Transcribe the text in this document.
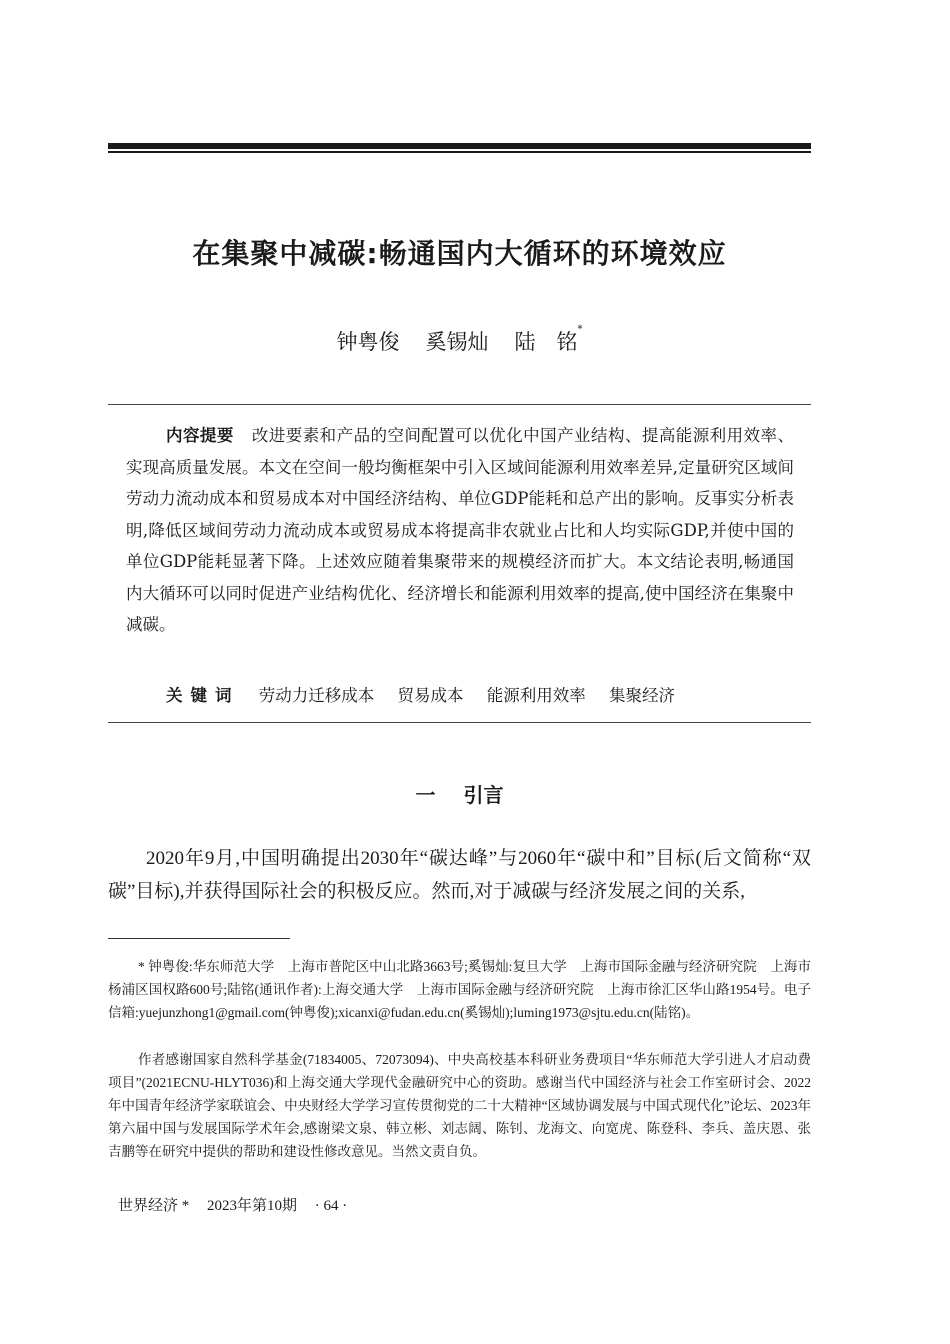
在集聚中减碳:畅通国内大循环的环境效应
钟粤俊 奚锡灿 陆　铭*
内容提要 改进要素和产品的空间配置可以优化中国产业结构、提高能源利用效率、实现高质量发展。本文在空间一般均衡框架中引入区域间能源利用效率差异,定量研究区域间劳动力流动成本和贸易成本对中国经济结构、单位GDP能耗和总产出的影响。反事实分析表明,降低区域间劳动力流动成本或贸易成本将提高非农就业占比和人均实际GDP,并使中国的单位GDP能耗显著下降。上述效应随着集聚带来的规模经济而扩大。本文结论表明,畅通国内大循环可以同时促进产业结构优化、经济增长和能源利用效率的提高,使中国经济在集聚中减碳。
关键词 劳动力迁移成本 贸易成本 能源利用效率 集聚经济
一 引言
2020年9月,中国明确提出2030年“碳达峰”与2060年“碳中和”目标(后文简称“双碳”目标),并获得国际社会的积极反应。然而,对于减碳与经济发展之间的关系,
* 钟粤俊:华东师范大学　上海市普陀区中山北路3663号;奚锡灿:复旦大学　上海市国际金融与经济研究院　上海市杨浦区国权路600号;陆铭(通讯作者):上海交通大学　上海市国际金融与经济研究院　上海市徐汇区华山路1954号。电子信箱:yuejunzhong1@gmail.com(钟粤俊);xicanxi@fudan.edu.cn(奚锡灿);luming1973@sjtu.edu.cn(陆铭)。
作者感谢国家自然科学基金(71834005、72073094)、中央高校基本科研业务费项目“华东师范大学引进人才启动费项目”(2021ECNU-HLYT036)和上海交通大学现代金融研究中心的资助。感谢当代中国经济与社会工作室研讨会、2022年中国青年经济学家联谊会、中央财经大学学习宣传贯彻党的二十大精神“区域协调发展与中国式现代化”论坛、2023年第六届中国与发展国际学术年会,感谢梁文泉、韩立彬、刘志阔、陈钊、龙海文、向宽虎、陈登科、李兵、盖庆恩、张吉鹏等在研究中提供的帮助和建设性修改意见。当然文责自负。
世界经济 * 2023年第10期 · 64 ·
